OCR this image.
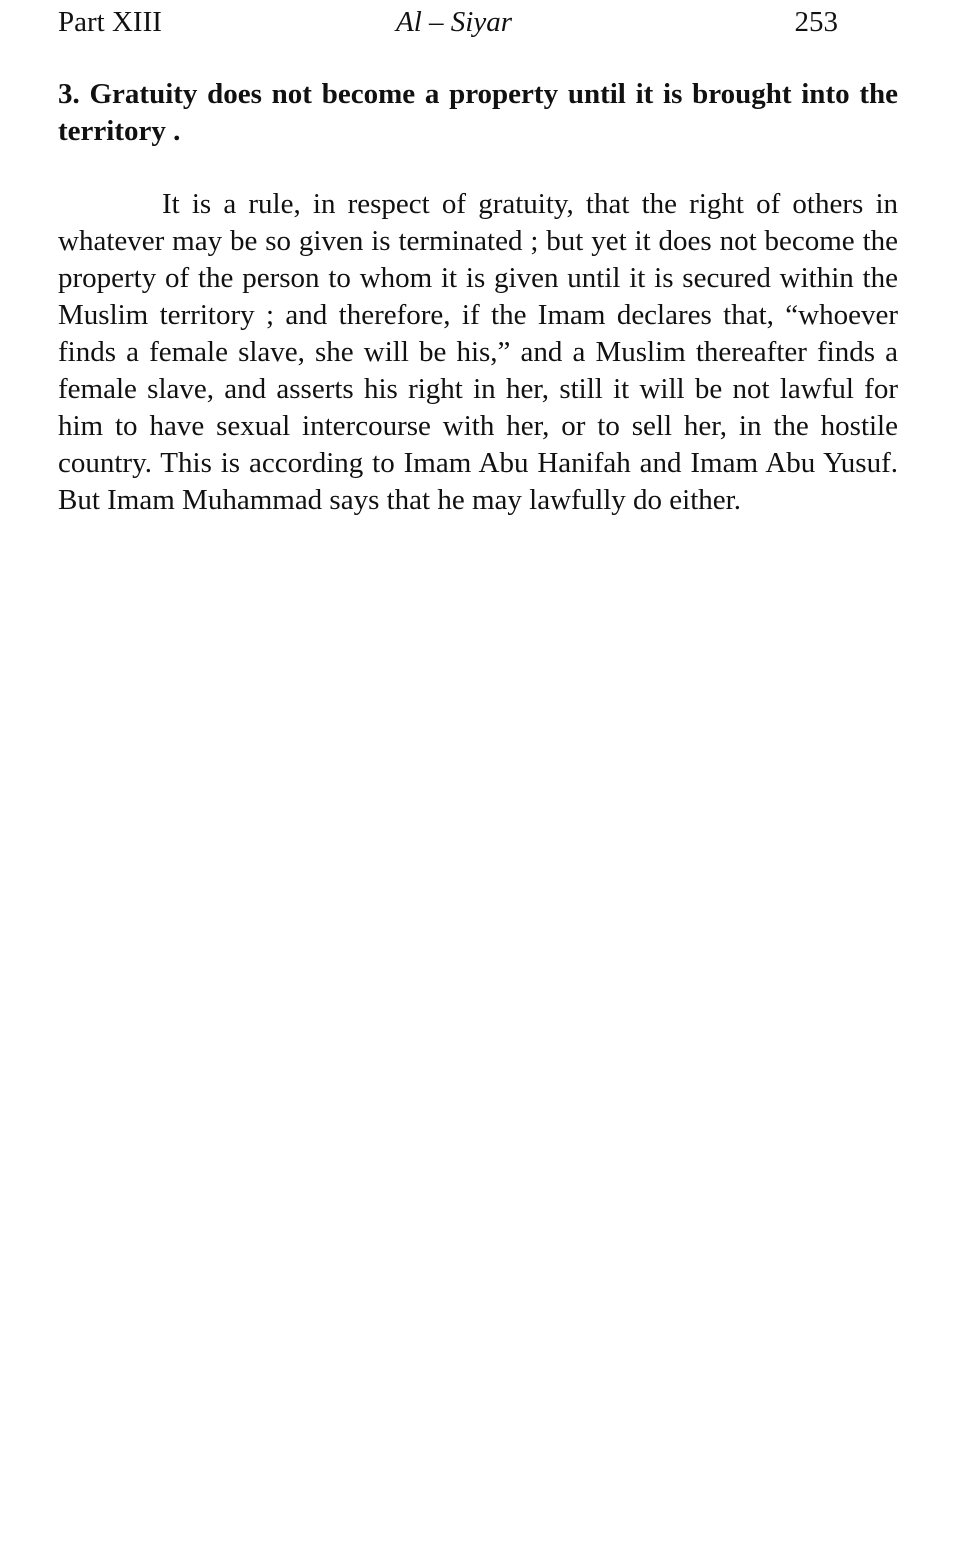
Part XIII	Al – Siyar	253

3. Gratuity does not become a property until it is brought into the territory .

It is a rule, in respect of gratuity, that the right of others in whatever may be so given is terminated ; but yet it does not become the property of the person to whom it is given until it is secured within the Muslim territory ; and therefore, if the Imam declares that, “whoever finds a female slave, she will be his,” and a Muslim thereafter finds a female slave, and asserts his right in her, still it will be not lawful for him to have sexual intercourse with her, or to sell her, in the hostile country. This is according to Imam Abu Hanifah and Imam Abu Yusuf. But Imam Muhammad says that he may lawfully do either.
